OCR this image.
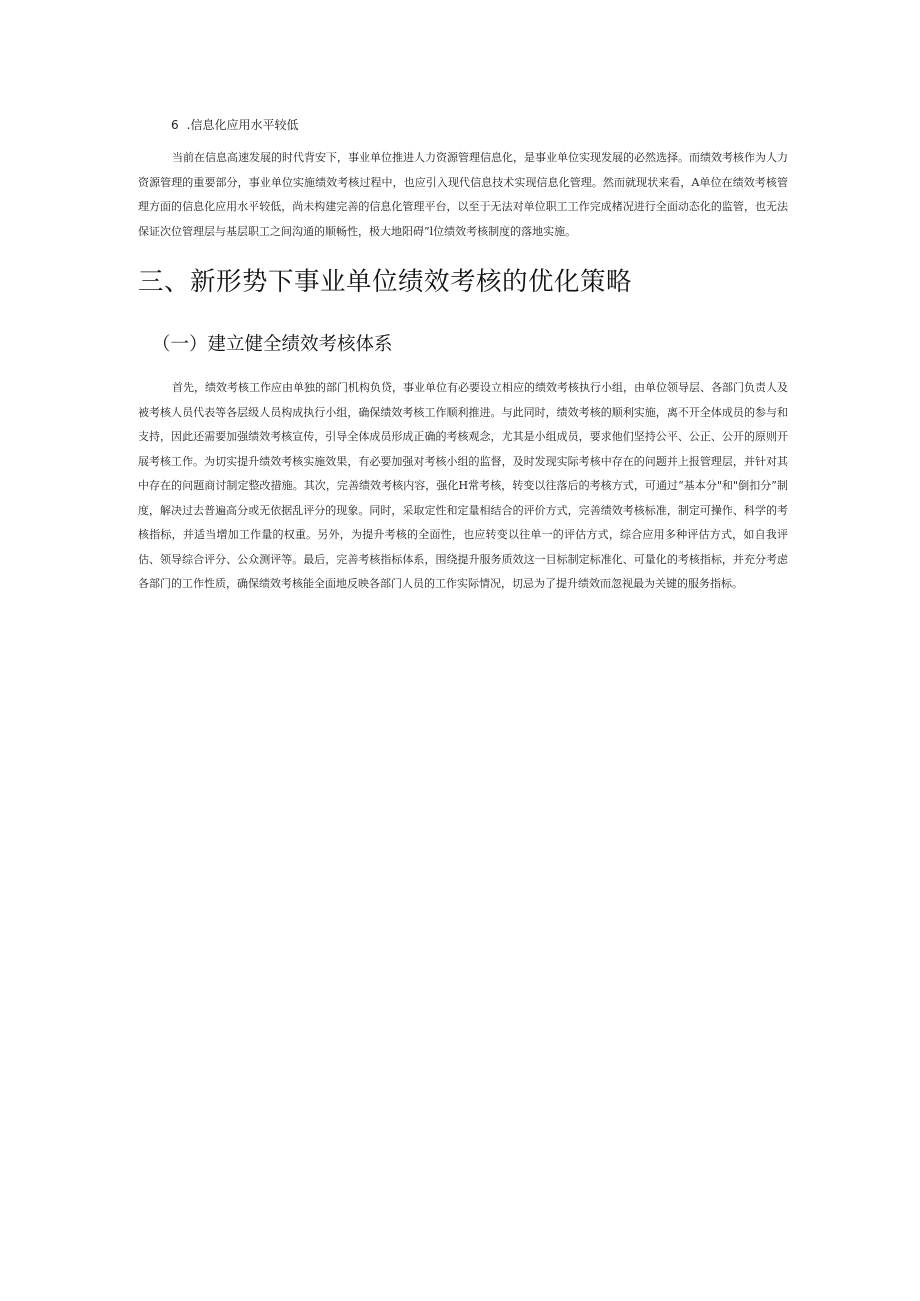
6 .信息化应用水平较低

当前在信息高速发展的时代背安下，事业单位推进人力资源管理信息化，是事业单位实现发展的必然选择。而绩效考核作为人力资源管理的重要部分，事业单位实施绩效考核过程中，也应引入现代信息技术实现信息化管理。然而就现状来看，A单位在绩效考核管理方面的信息化应用水平较低，尚未构建完善的信息化管理平台，以至于无法对单位职工工作完成楮况进行全面动态化的监管，也无法保证次位管理层与基层职工之间沟通的顺畅性，极大地阳碍”l位绩效考核制度的落地实施。

三、新形势下事业单位绩效考核的优化策略
（一）建立健全绩效考核体系

首先，绩效考核工作应由单独的部门机构负贷，事业单位有必要设立相应的绩效考核执行小组，由单位领导层、各部门负责人及被考核人员代表等各层级人员构成执行小组，确保绩效考核工作顺利推进。与此同时，绩效考核的顺利实施，离不开全体成员的参与和支持，因此还需要加强绩效考核宣传，引导全体成员形成正确的考核观念，尤其是小组成员，要求他们坚持公平、公正、公开的原则开展考核工作。为切实提升绩效考核实施效果，有必要加强对考核小组的监督，及时发现实际考核中存在的问题并上报管理层，并针对其中存在的问题商讨制定整改措施。其次，完善绩效考核内容，强化H常考核，转变以往落后的考核方式，可通过“基本分"和"倒扣分”制度，解决过去普遍高分或无依据乱评分的现象。同时，采取定性和定量相结合的评价方式，完善绩效考核标准，制定可操作、科学的考核指标，并适当增加工作量的权重。另外，为提升考核的全面性，也应转变以往单一的评估方式，综合应用多种评估方式，如自我评估、领导综合评分、公众测评等。最后，完善考核指标体系，围绕提升服务质效这一目标制定标准化、可量化的考核指标，并充分考虑各部门的工作性质，确保绩效考核能全面地反映各部门人员的工作实际情况，切忌为了提升绩效而忽视最为关键的服务指标。
